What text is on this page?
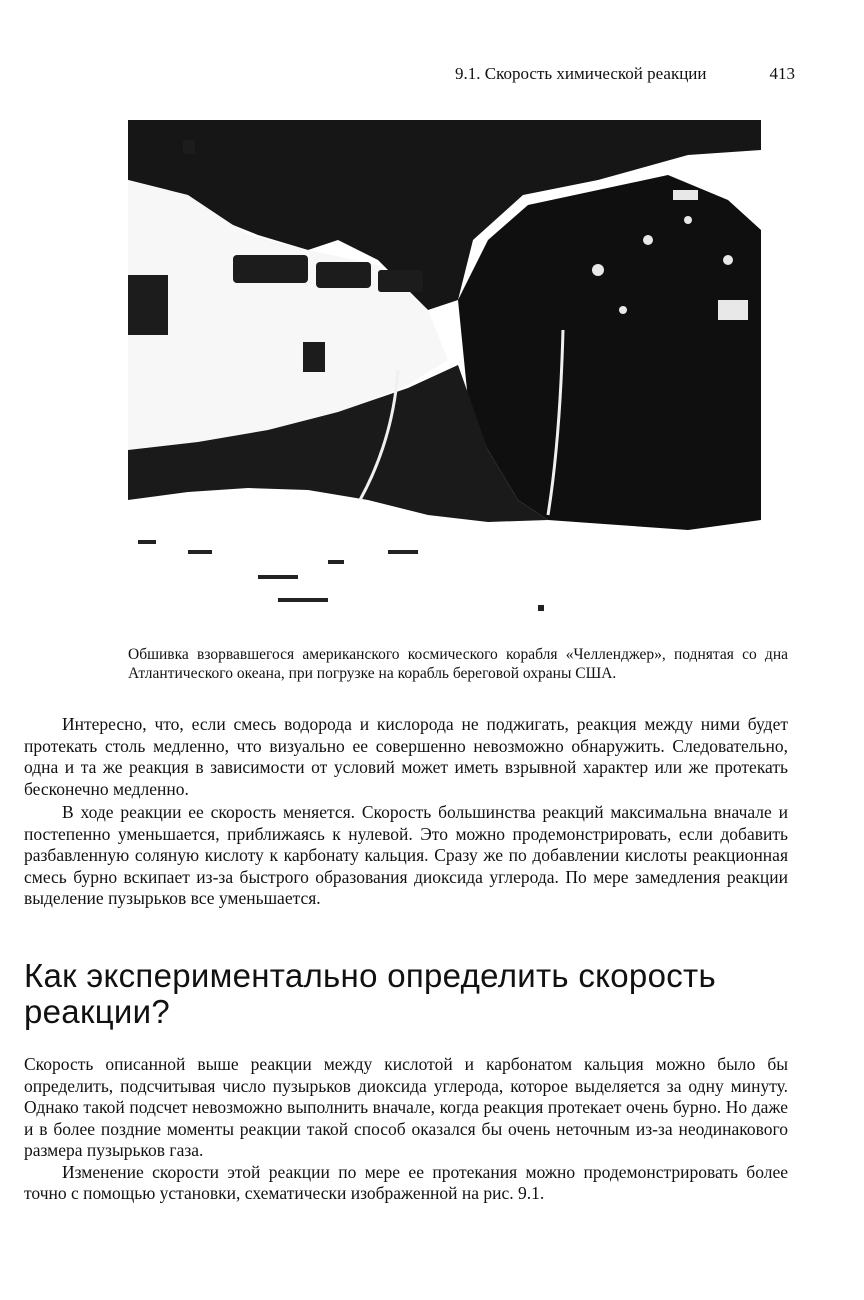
9.1. Скорость химической реакции	413
Обшивка взорвавшегося американского космического корабля «Челленджер», поднятая со дна Атлантического океана, при погрузке на корабль береговой охраны США.

Интересно, что, если смесь водорода и кислорода не поджигать, реакция между ними будет протекать столь медленно, что визуально ее совершенно невозможно обнаружить. Следовательно, одна и та же реакция в зависимости от условий может иметь взрывной характер или же протекать бесконечно медленно.

В ходе реакции ее скорость меняется. Скорость большинства реакций максимальна вначале и постепенно уменьшается, приближаясь к нулевой. Это можно продемонстрировать, если добавить разбавленную соляную кислоту к карбонату кальция. Сразу же по добавлении кислоты реакционная смесь бурно вскипает из-за быстрого образования диоксида углерода. По мере замедления реакции выделение пузырьков все уменьшается.

Как экспериментально определить скорость реакции?

Скорость описанной выше реакции между кислотой и карбонатом кальция можно было бы определить, подсчитывая число пузырьков диоксида углерода, которое выделяется за одну минуту. Однако такой подсчет невозможно выполнить вначале, когда реакция протекает очень бурно. Но даже и в более поздние моменты реакции такой способ оказался бы очень неточным из-за неодинакового размера пузырьков газа.

Изменение скорости этой реакции по мере ее протекания можно продемонстрировать более точно с помощью установки, схематически изображенной на рис. 9.1.
